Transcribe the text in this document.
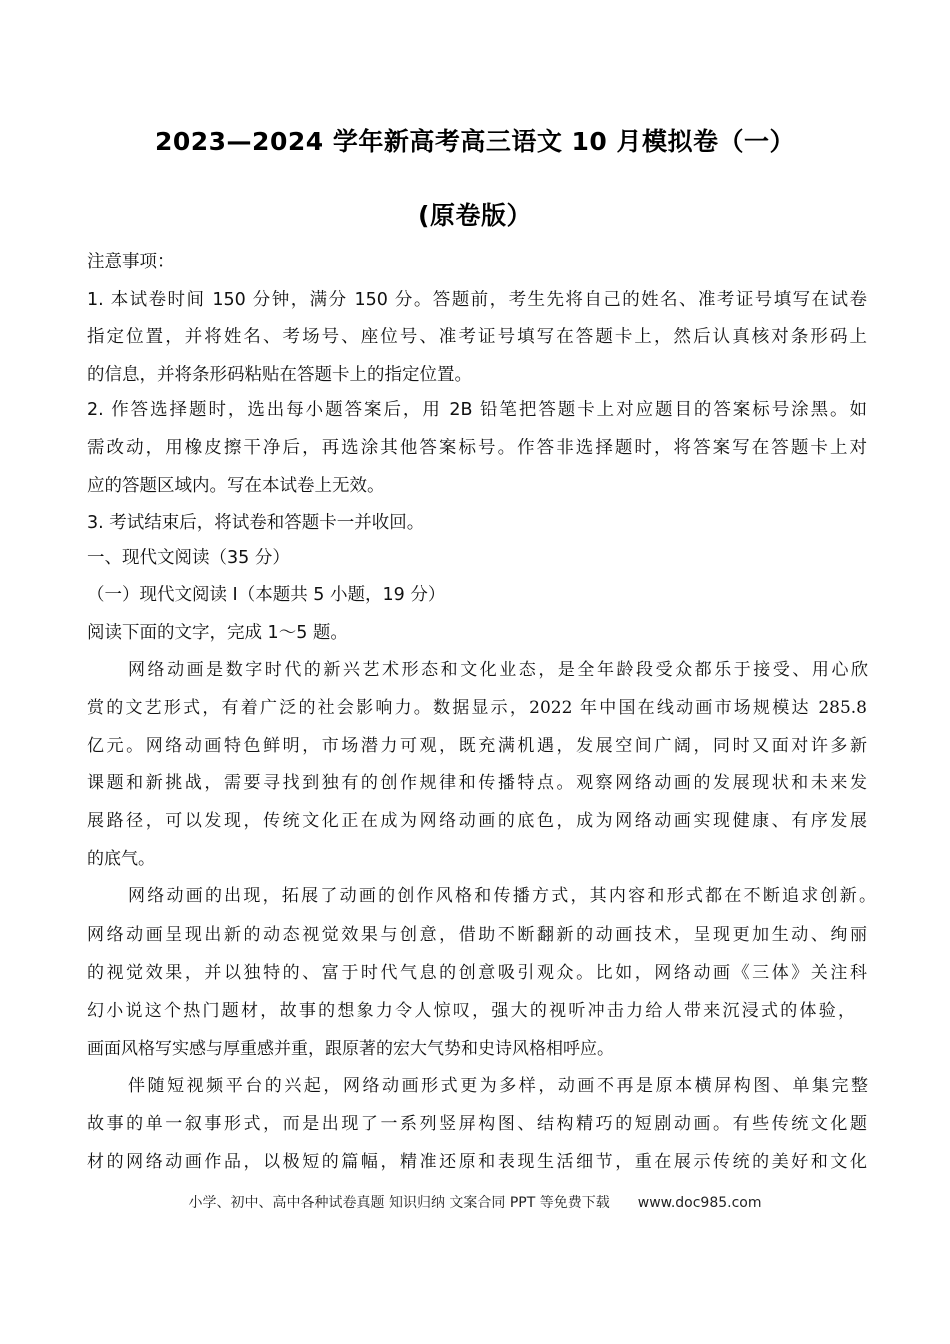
2023—2024 学年新高考高三语文 10 月模拟卷（一）
(原卷版）
注意事项：
1. 本试卷时间 150 分钟，满分 150 分。答题前，考生先将自己的姓名、准考证号填写在试卷
指定位置，并将姓名、考场号、座位号、准考证号填写在答题卡上，然后认真核对条形码上
的信息，并将条形码粘贴在答题卡上的指定位置。
2. 作答选择题时，选出每小题答案后，用 2B 铅笔把答题卡上对应题目的答案标号涂黑。如
需改动，用橡皮擦干净后，再选涂其他答案标号。作答非选择题时，将答案写在答题卡上对
应的答题区域内。写在本试卷上无效。
3. 考试结束后，将试卷和答题卡一并收回。
一、现代文阅读（35 分）
（一）现代文阅读 I（本题共 5 小题，19 分）
阅读下面的文字，完成 1～5 题。
网络动画是数字时代的新兴艺术形态和文化业态，是全年龄段受众都乐于接受、用心欣
赏的文艺形式，有着广泛的社会影响力。数据显示，2022 年中国在线动画市场规模达 285.8
亿元。网络动画特色鲜明，市场潜力可观，既充满机遇，发展空间广阔，同时又面对许多新
课题和新挑战，需要寻找到独有的创作规律和传播特点。观察网络动画的发展现状和未来发
展路径，可以发现，传统文化正在成为网络动画的底色，成为网络动画实现健康、有序发展
的底气。
网络动画的出现，拓展了动画的创作风格和传播方式，其内容和形式都在不断追求创新。
网络动画呈现出新的动态视觉效果与创意，借助不断翻新的动画技术，呈现更加生动、绚丽
的视觉效果，并以独特的、富于时代气息的创意吸引观众。比如，网络动画《三体》关注科
幻小说这个热门题材，故事的想象力令人惊叹，强大的视听冲击力给人带来沉浸式的体验，
画面风格写实感与厚重感并重，跟原著的宏大气势和史诗风格相呼应。
伴随短视频平台的兴起，网络动画形式更为多样，动画不再是原本横屏构图、单集完整
故事的单一叙事形式，而是出现了一系列竖屏构图、结构精巧的短剧动画。有些传统文化题
材的网络动画作品，以极短的篇幅，精准还原和表现生活细节，重在展示传统的美好和文化
小学、初中、高中各种试卷真题 知识归纳 文案合同 PPT 等免费下载 www.doc985.com
